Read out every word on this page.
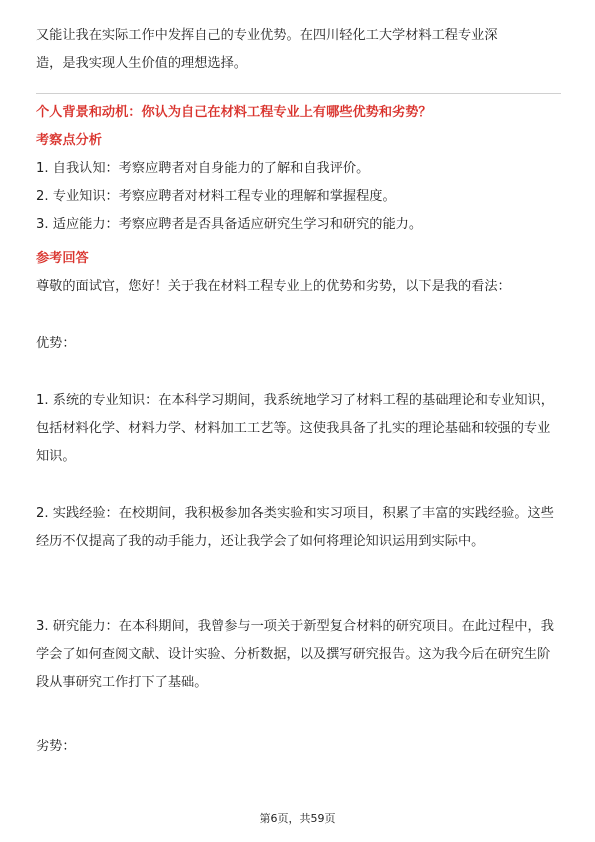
又能让我在实际工作中发挥自己的专业优势。在四川轻化工大学材料工程专业深

造，是我实现人生价值的理想选择。

个人背景和动机：你认为自己在材料工程专业上有哪些优势和劣势？

考察点分析

1. 自我认知：考察应聘者对自身能力的了解和自我评价。

2. 专业知识：考察应聘者对材料工程专业的理解和掌握程度。

3. 适应能力：考察应聘者是否具备适应研究生学习和研究的能力。

参考回答

尊敬的面试官，您好！关于我在材料工程专业上的优势和劣势，以下是我的看法：

优势：

1. 系统的专业知识：在本科学习期间，我系统地学习了材料工程的基础理论和专业知识，包括材料化学、材料力学、材料加工工艺等。这使我具备了扎实的理论基础和较强的专业知识。

2. 实践经验：在校期间，我积极参加各类实验和实习项目，积累了丰富的实践经验。这些经历不仅提高了我的动手能力，还让我学会了如何将理论知识运用到实际中。

3. 研究能力：在本科期间，我曾参与一项关于新型复合材料的研究项目。在此过程中，我学会了如何查阅文献、设计实验、分析数据，以及撰写研究报告。这为我今后在研究生阶段从事研究工作打下了基础。

劣势：

第6页，共59页
